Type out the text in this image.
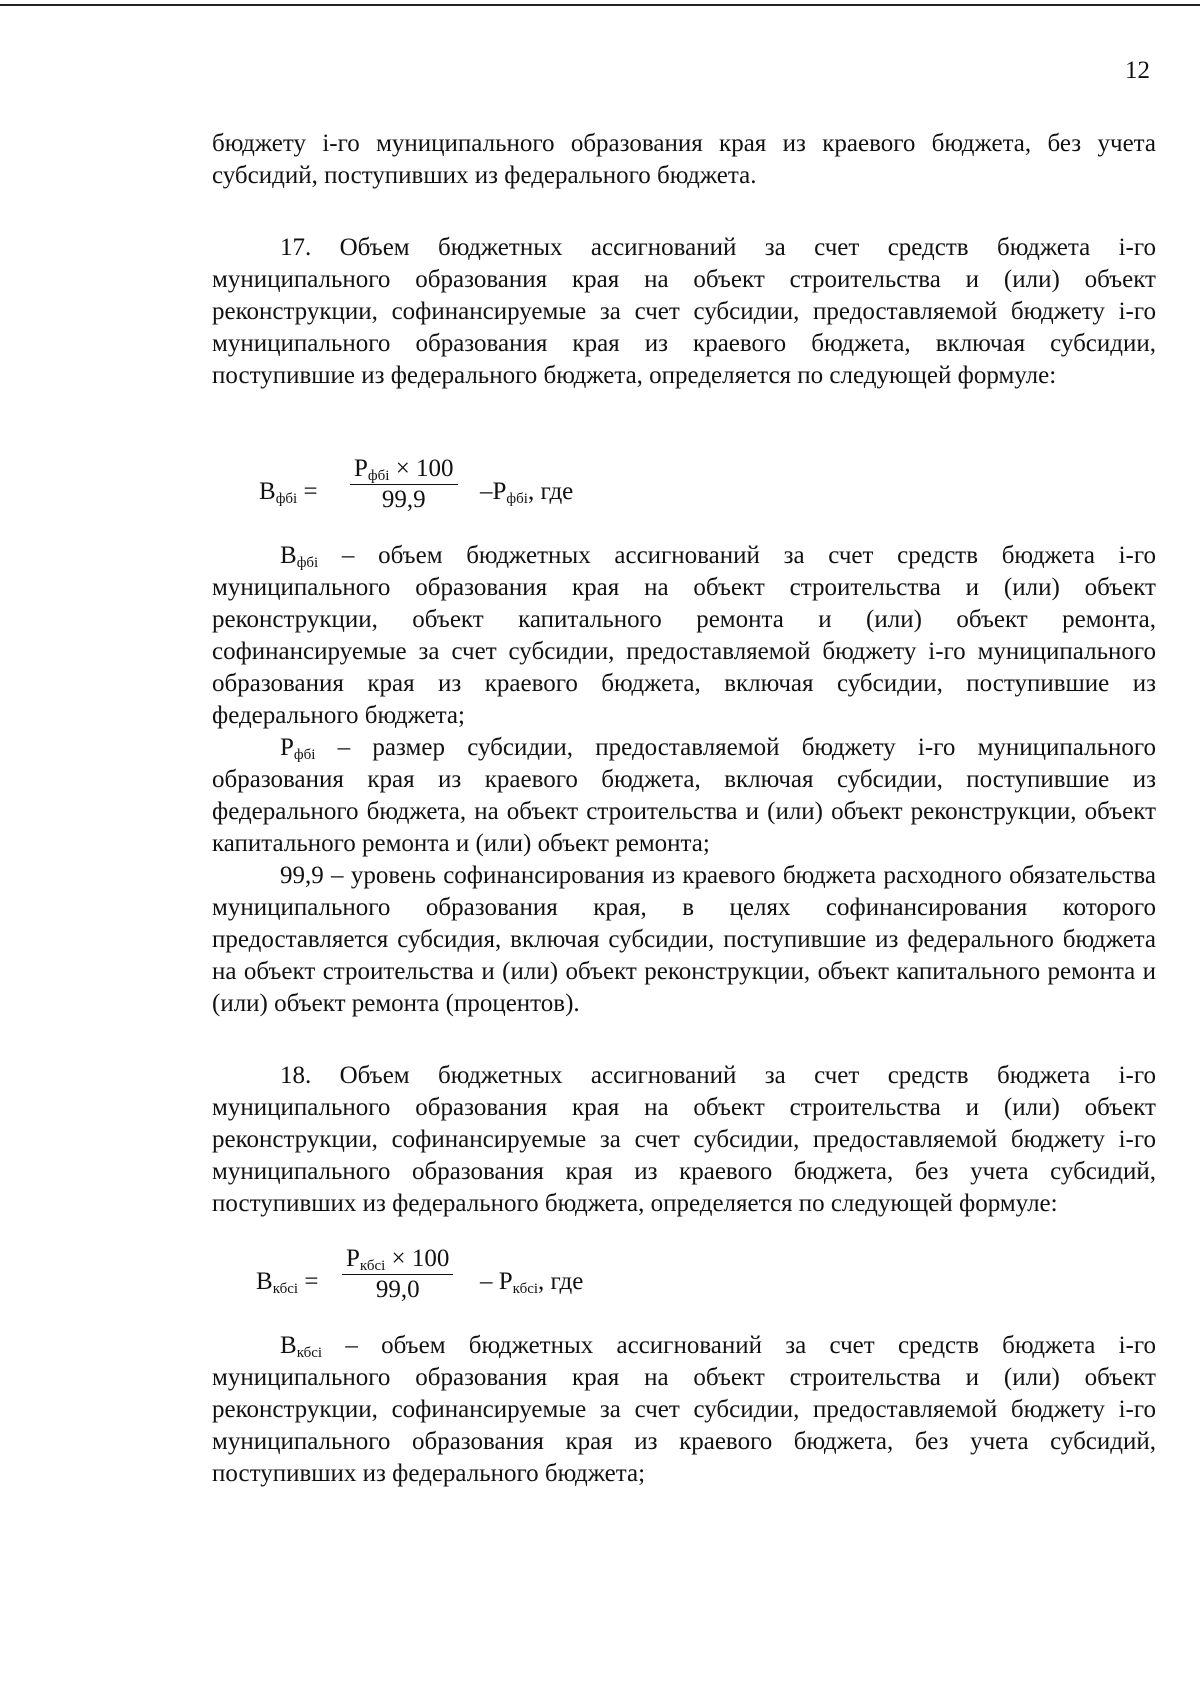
12

бюджету i-го муниципального образования края из краевого бюджета, без учета субсидий, поступивших из федерального бюджета.

17. Объем бюджетных ассигнований за счет средств бюджета i-го муниципального образования края на объект строительства и (или) объект реконструкции, софинансируемые за счет субсидии, предоставляемой бюджету i-го муниципального образования края из краевого бюджета, включая субсидии, поступившие из федерального бюджета, определяется по следующей формуле:

$В_{фбi}$ =
$Р_{фбi} \times 100$
99,9	$-Р_{фбi}$, где

$В_{фбi}$ – объем бюджетных ассигнований за счет средств бюджета i-го муниципального образования края на объект строительства и (или) объект реконструкции, объект капитального ремонта и (или) объект ремонта, софинансируемые за счет субсидии, предоставляемой бюджету i-го муниципального образования края из краевого бюджета, включая субсидии, поступившие из федерального бюджета;

$Р_{фбi}$ – размер субсидии, предоставляемой бюджету i-го муниципального образования края из краевого бюджета, включая субсидии, поступившие из федерального бюджета, на объект строительства и (или) объект реконструкции, объект капитального ремонта и (или) объект ремонта;

99,9 – уровень софинансирования из краевого бюджета расходного обязательства муниципального образования края, в целях софинансирования которого предоставляется субсидия, включая субсидии, поступившие из федерального бюджета на объект строительства и (или) объект реконструкции, объект капитального ремонта и (или) объект ремонта (процентов).

18. Объем бюджетных ассигнований за счет средств бюджета i-го муниципального образования края на объект строительства и (или) объект реконструкции, софинансируемые за счет субсидии, предоставляемой бюджету i-го муниципального образования края из краевого бюджета, без учета субсидий, поступивших из федерального бюджета, определяется по следующей формуле:

$В_{кбсi}$ =
$Р_{кбсi} \times 100$
99,0	– $Р_{кбсi}$, где

$В_{кбсi}$ – объем бюджетных ассигнований за счет средств бюджета i-го муниципального образования края на объект строительства и (или) объект реконструкции, софинансируемые за счет субсидии, предоставляемой бюджету i-го муниципального образования края из краевого бюджета, без учета субсидий, поступивших из федерального бюджета;
